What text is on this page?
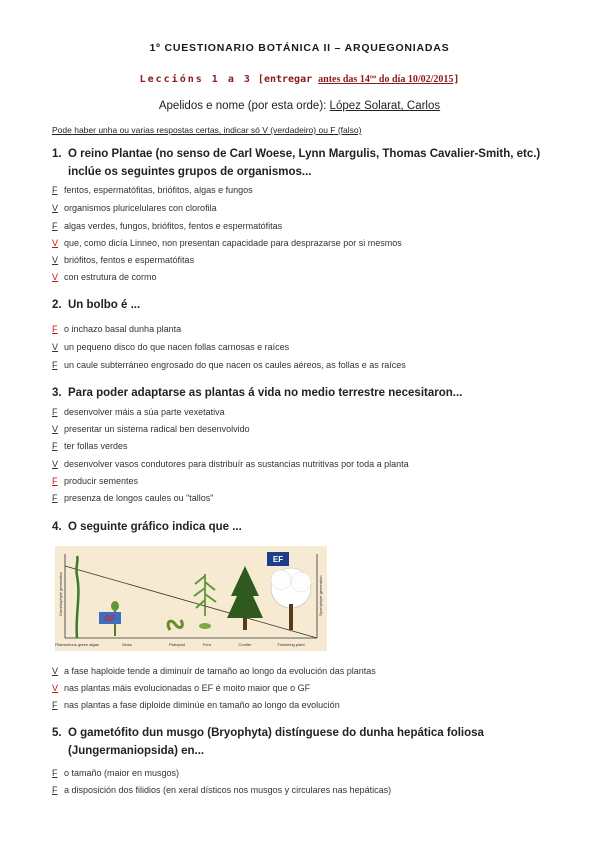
1º CUESTIONARIO BOTÁNICA II – ARQUEGONIADAS
Leccións 1 a 3 [entregar antes das 14ºº do día 10/02/2015]
Apelidos e nome (por esta orde): López Solarat, Carlos
Pode haber unha ou varias respostas certas, indicar só V (verdadeiro) ou F (falso)
1. O reino Plantae (no senso de Carl Woese, Lynn Margulis, Thomas Cavalier-Smith, etc.)
inclúe os seguintes grupos de organismos...
F fentos, espermatófitas, briófitos, algas e fungos
V organismos pluricelulares con clorofila
F algas verdes, fungos, briófitos, fentos e espermatófitas
V que, como dicía Linneo, non presentan capacidade para desprazarse por si mesmos
V briófitos, fentos e espermatófitas
V con estrutura de cormo
2. Un bolbo é ...
F o inchazo basal dunha planta
V un pequeno disco do que nacen follas carnosas e raíces
F un caule subterráneo engrosado do que nacen os caules aéreos, as follas e as raíces
3. Para poder adaptarse as plantas á vida no medio terrestre necesitaron...
F desenvolver máis a súa parte vexetativa
V presentar un sistema radical ben desenvolvido
F ter follas verdes
V desenvolver vasos condutores para distribuír as sustancias nutritivas por toda a planta
F producir sementes
F presenza de longos caules ou "tallos"
4. O seguinte gráfico indica que ...
GF
EF
Gametophyte generation	Sporophyte generation
Filamentous green algae	Moss	Psilopsid	Fern	Conifer	Flowering plant
V a fase haploide tende a diminuír de tamaño ao longo da evolución das plantas
V nas plantas máis evolucionadas o EF é moito maior que o GF
F nas plantas a fase diploide diminúe en tamaño ao longo da evolución
5. O gametófito dun musgo (Bryophyta) distínguese do dunha hepática foliosa
(Jungermaniopsida) en...
F o tamaño (maior en musgos)
F a disposición dos filidios (en xeral dísticos nos musgos y circulares nas hepáticas)
